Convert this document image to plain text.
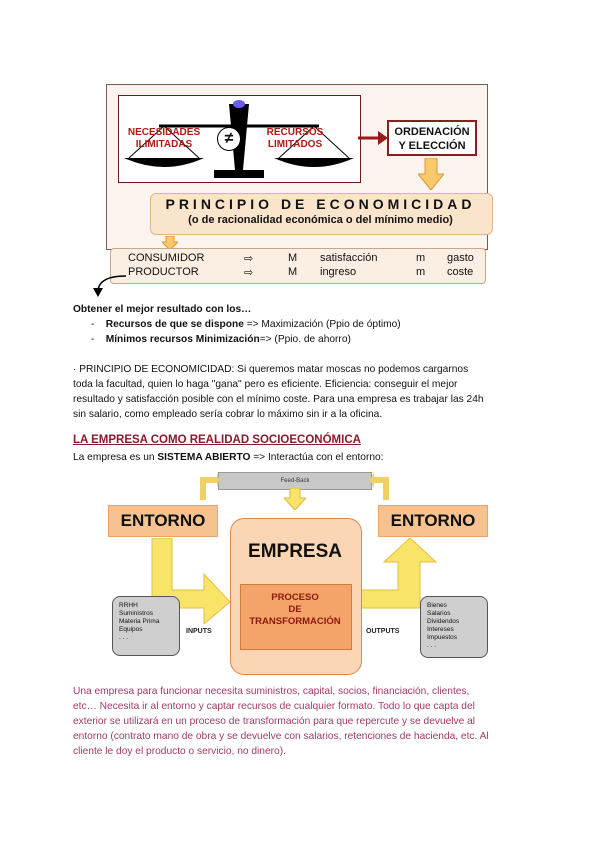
NECESIDADES
ILIMITADAS
RECURSOS
LIMITADOS
≠	ORDENACIÓN
Y ELECCIÓN
PRINCIPIO DE ECONOMICIDAD
(o de racionalidad económica o del mínimo medio)
CONSUMIDOR	⇨	M satisfacción	m gasto
PRODUCTOR	⇨	M ingreso	m coste
Obtener el mejor resultado con los…
-    Recursos de que se dispone => Maximización (Ppio de óptimo)
-    Mínimos recursos Minimización=> (Ppio. de ahorro)
· PRINCIPIO DE ECONOMICIDAD: Si queremos matar moscas no podemos cargarnos
toda la facultad, quien lo haga "gana" pero es eficiente. Eficiencia: conseguir el mejor
resultado y satisfacción posible con el mínimo coste. Para una empresa es trabajar las 24h
sin salario, como empleado sería cobrar lo máximo sin ir a la oficina.
LA EMPRESA COMO REALIDAD SOCIOECONÓMICA
La empresa es un SISTEMA ABIERTO => Interactúa con el entorno:
Feed-Back
ENTORNO	ENTORNO
EMPRESA
PROCESO
DE
TRANSFORMACIÓN
INPUTS	OUTPUTS
RRHH
Suministros
Materia Prima
Equipos
. . .
Bienes
Salarios
Dividendos
Intereses
Impuestos
. . .
Una empresa para funcionar necesita suministros, capital, socios, financiación, clientes,
etc… Necesita ir al entorno y captar recursos de cualquier formato. Todo lo que capta del
exterior se utilizará en un proceso de transformación para que repercute y se devuelve al
entorno (contrato mano de obra y se devuelve con salarios, retenciones de hacienda, etc. Al
cliente le doy el producto o servicio, no dinero).
